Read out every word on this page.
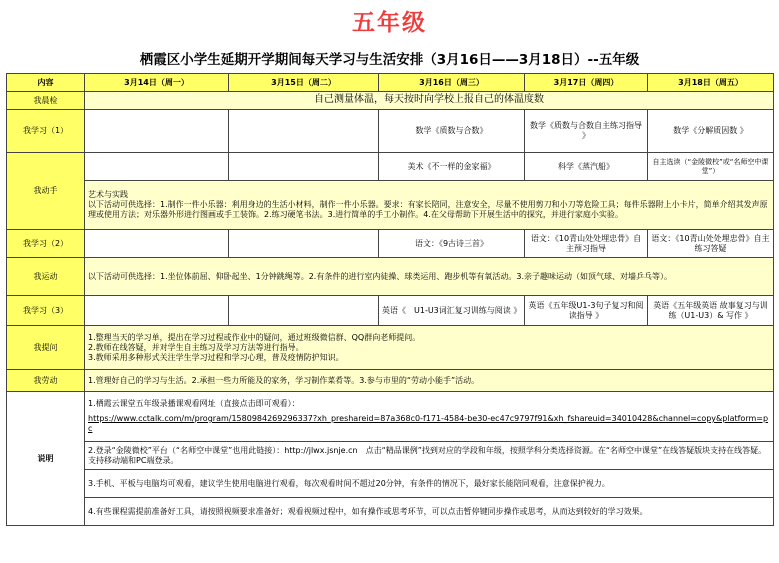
五年级
栖霞区小学生延期开学期间每天学习与生活安排（3月16日——3月18日）--五年级
内容	3月14日（周一）	3月15日（周二）	3月16日（周三）	3月17日（周四）	3月18日（周五）
我晨检	自己测量体温，每天按时向学校上报自己的体温度数				
我学习（1）			数学《质数与合数》	数学《质数与合数自主练习指导 》	数学《分解质因数 》
我动手			美术《不一样的金家福》	科学《蒸汽船》	自主选读（“金陵微校”或“名师空中课堂”）

	艺术与实践
以下活动可供选择：1.制作一件小乐器：利用身边的生活小材料，制作一件小乐器。要求：有家长陪同，注意安全，尽量不使用剪刀和小刀等危险工具；每件乐器附上小卡片，简单介绍其发声原理或使用方法；对乐器外形进行图画或手工装饰。2.练习硬笔书法。3.进行简单的手工小制作。4.在父母帮助下开展生活中的探究，并进行家庭小实验。				

我学习（2）			语文：《9古诗三首》	语文：《10青山处处埋忠骨》自主预习指导	语文：《10青山处处埋忠骨》自主练习答疑
我运动	以下活动可供选择：1.坐位体前屈、仰卧起坐、1分钟跳绳等。2.有条件的进行室内徒操、球类运用、跑步机等有氧活动。3.亲子趣味运动（如顶气球、对墙乒乓等）。				
我学习（3）			英语《　U1-U3词汇复习训练与阅读 》	英语《五年级U1-3句子复习和阅读指导 》	英语《五年级英语 故事复习与训练（U1-U3）& 写作 》
我提问	1.整理当天的学习单，提出在学习过程或作业中的疑问，通过班级微信群、QQ群向老师提问。
2.教师在线答疑，并对学生自主练习及学习方法等进行指导。
3.教师采用多种形式关注学生学习过程和学习心理，普及疫情防护知识。				

我劳动	1.管理好自己的学习与生活。2.承担一些力所能及的家务，学习制作菜肴等。3.参与市里的“劳动小能手”活动。				
说明	1.栖霞云课堂五年级录播课观看网址（直接点击即可观看）：
https://www.cctalk.com/m/program/1580984269296337?xh_preshareid=87a368c0-f171-4584-be30-ec47c9797f91&xh_fshareuid=34010428&channel=copy&platform=pc				

	2.登录“金陵微校”平台（“名师空中课堂”也用此链接）：http://jlwx.jsnje.cn　点击“精品课例”找到对应的学段和年级，按照学科分类选择资源。在“名师空中课堂”在线答疑版块支持在线答疑。支持移动端和PC端登录。				
	3.手机、平板与电脑均可观看，建议学生使用电脑进行观看，每次观看时间不超过20分钟，有条件的情况下，最好家长能陪同观看，注意保护视力。				
	4.有些课程需提前准备好工具，请按照视频要求准备好；观看视频过程中，如有操作或思考环节，可以点击暂停键同步操作或思考，从而达到较好的学习效果。				
